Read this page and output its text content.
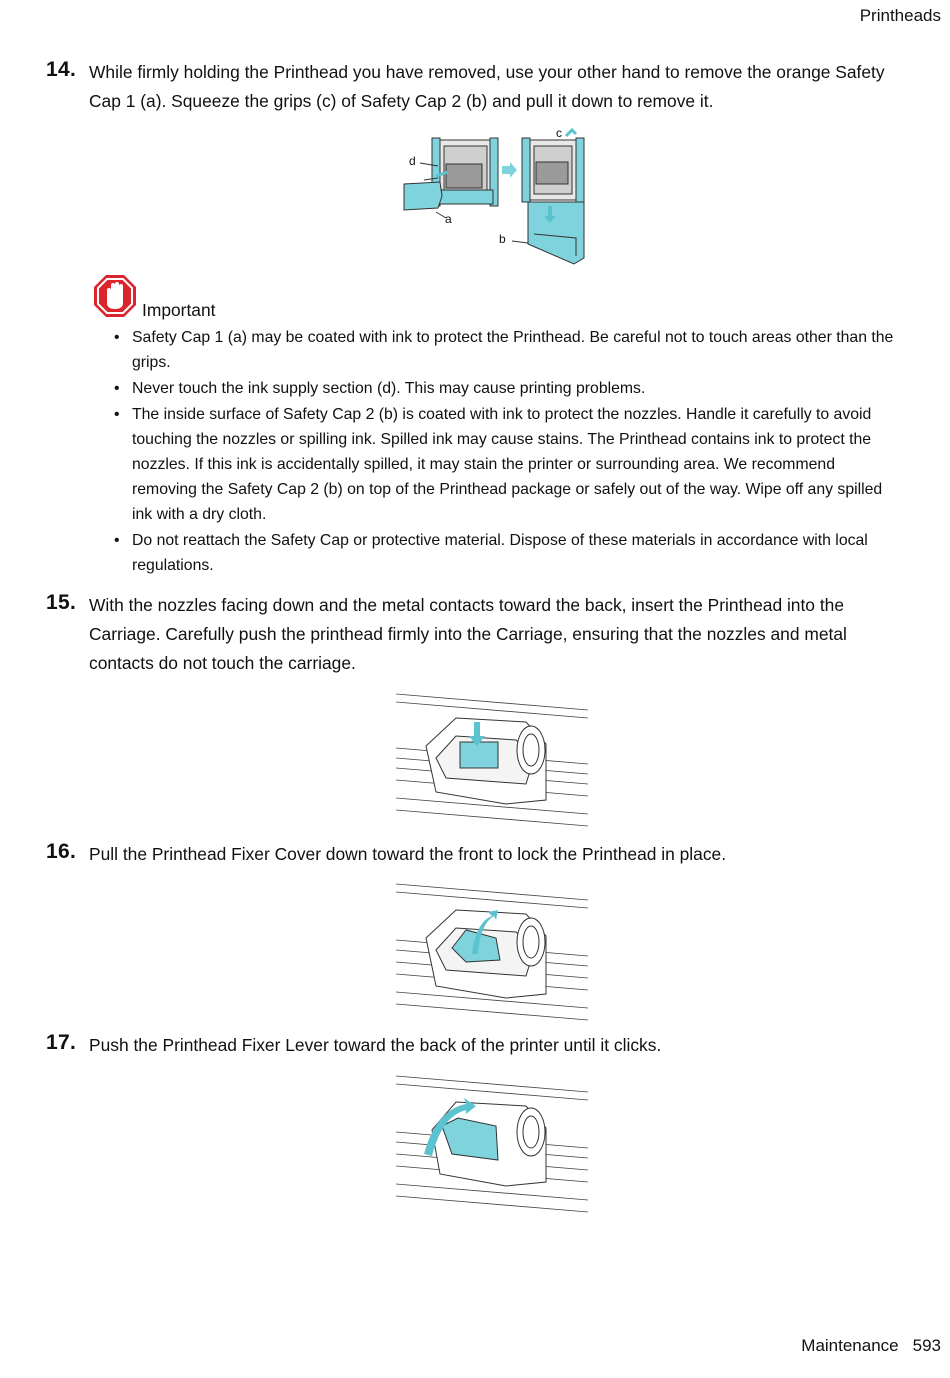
Printheads
14. While firmly holding the Printhead you have removed, use your other hand to remove the orange Safety Cap 1 (a). Squeeze the grips (c) of Safety Cap 2 (b) and pull it down to remove it.
a
b
c
d
Important
• Safety Cap 1 (a) may be coated with ink to protect the Printhead. Be careful not to touch areas other than the grips.
• Never touch the ink supply section (d). This may cause printing problems.
• The inside surface of Safety Cap 2 (b) is coated with ink to protect the nozzles. Handle it carefully to avoid touching the nozzles or spilling ink. Spilled ink may cause stains. The Printhead contains ink to protect the nozzles. If this ink is accidentally spilled, it may stain the printer or surrounding area. We recommend removing the Safety Cap 2 (b) on top of the Printhead package or safely out of the way. Wipe off any spilled ink with a dry cloth.
• Do not reattach the Safety Cap or protective material. Dispose of these materials in accordance with local regulations.
15. With the nozzles facing down and the metal contacts toward the back, insert the Printhead into the Carriage. Carefully push the printhead firmly into the Carriage, ensuring that the nozzles and metal contacts do not touch the carriage.
16. Pull the Printhead Fixer Cover down toward the front to lock the Printhead in place.
17. Push the Printhead Fixer Lever toward the back of the printer until it clicks.
Maintenance 593
